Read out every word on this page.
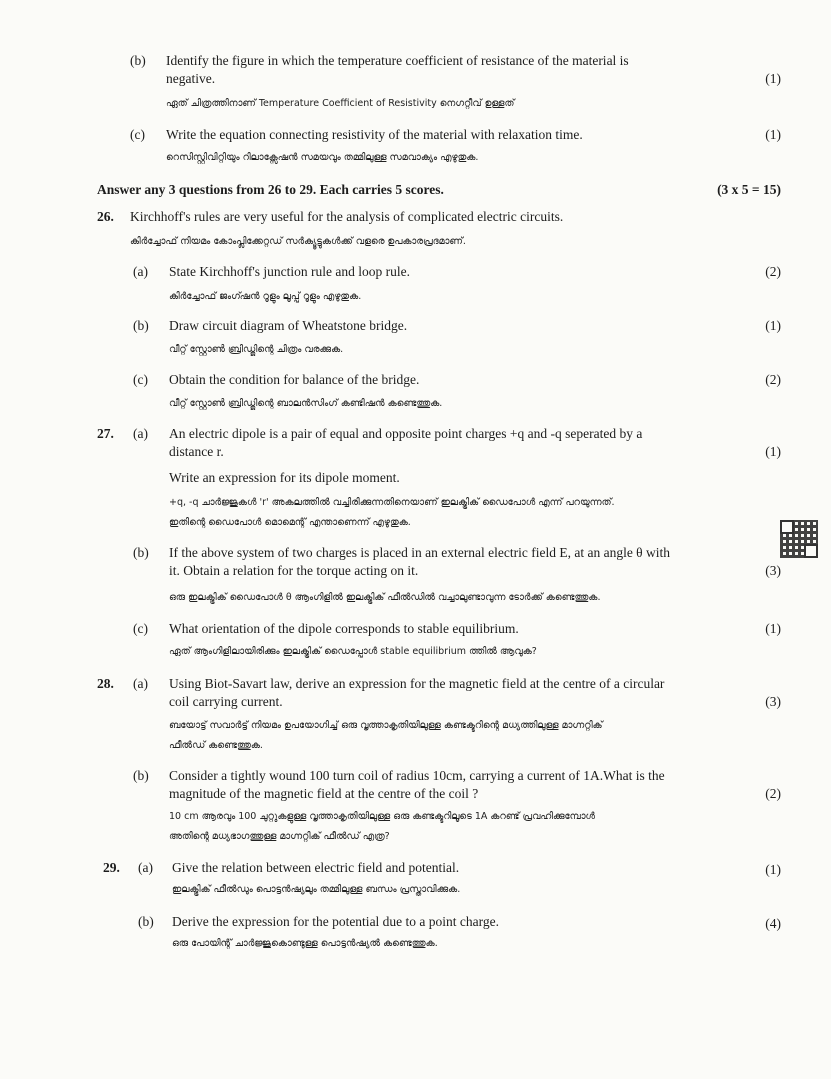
(b) Identify the figure in which the temperature coefficient of resistance of the material is
negative.	(1)
ഏത് ചിത്രത്തിനാണ് Temperature Coefficient of Resistivity നെഗറ്റീവ് ഉള്ളത്
(c) Write the equation connecting resistivity of the material with relaxation time.	(1)
റെസിസ്റ്റിവിറ്റിയും റിലാക്സേഷൻ സമയവും തമ്മിലുള്ള സമവാക്യം എഴുതുക.
Answer any 3 questions from 26 to 29. Each carries 5 scores.	(3 x 5 = 15)
26. Kirchhoff's rules are very useful for the analysis of complicated electric circuits.
കിർച്ചോഫ് നിയമം കോംപ്ലിക്കേറ്റഡ് സർക്യൂട്ടുകൾക്ക് വളരെ ഉപകാരപ്രദമാണ്.
(a) State Kirchhoff's junction rule and loop rule.	(2)
കിർച്ചോഫ് ജംഗ്ഷൻ റൂളും ലൂപ്പ് റൂളും എഴുതുക.
(b) Draw circuit diagram of Wheatstone bridge.	(1)
വീറ്റ് സ്റ്റോൺ ബ്രിഡ്ജിന്റെ ചിത്രം വരക്കുക.
(c) Obtain the condition for balance of the bridge.	(2)
വീറ്റ് സ്റ്റോൺ ബ്രിഡ്ജിന്റെ ബാലൻസിംഗ് കണ്ടിഷൻ കണ്ടെത്തുക.
27. (a) An electric dipole is a pair of equal and opposite point charges +q and -q seperated by a
distance r.	(1)
Write an expression for its dipole moment.
+q, -q ചാർജ്ജുകൾ 'r' അകലത്തിൽ വച്ചിരിക്കുന്നതിനെയാണ് ഇലക്ട്രിക് ഡൈപോൾ എന്ന് പറയുന്നത്.
ഇതിന്റെ ഡൈപോൾ മൊമെന്റ് എന്താണെന്ന് എഴുതുക.
(b) If the above system of two charges is placed in an external electric field E, at an angle θ with
it. Obtain a relation for the torque acting on it.	(3)
ഒരു ഇലക്ട്രിക് ഡൈപോൾ θ ആംഗിളിൽ ഇലക്ട്രിക് ഫീൽഡിൽ വച്ചാലുണ്ടാവുന്ന ടോർക്ക് കണ്ടെത്തുക.
(c) What orientation of the dipole corresponds to stable equilibrium.	(1)
ഏത് ആംഗിളിലായിരിക്കും ഇലക്ട്രിക് ഡൈപ്പോൾ stable equilibrium ത്തിൽ ആവുക?
28. (a) Using Biot-Savart law, derive an expression for the magnetic field at the centre of a circular
coil carrying current.	(3)
ബയോട്ട് സവാർട്ട് നിയമം ഉപയോഗിച്ച് ഒരു വൃത്താകൃതിയിലുള്ള കണ്ടക്ടറിന്റെ മധ്യത്തിലുള്ള മാഗ്നറ്റിക്
ഫീൽഡ് കണ്ടെത്തുക.
(b) Consider a tightly wound 100 turn coil of radius 10cm, carrying a current of 1A.What is the
magnitude of the magnetic field at the centre of the coil ?	(2)
10 cm ആരവും 100 ചുറ്റുകളുള്ള വൃത്താകൃതിയിലുള്ള ഒരു കണ്ടക്ടറിലൂടെ 1A കറണ്ട് പ്രവഹിക്കുമ്പോൾ
അതിന്റെ മധ്യഭാഗത്തുള്ള മാഗ്നറ്റിക് ഫീൽഡ് എത്ര?
29. (a) Give the relation between electric field and potential.	(1)
ഇലക്ട്രിക് ഫീൽഡും പൊട്ടൻഷ്യലും തമ്മിലുള്ള ബന്ധം പ്രസ്താവിക്കുക.
(b) Derive the expression for the potential due to a point charge.	(4)
ഒരു പോയിന്റ് ചാർജ്ജുകൊണ്ടുള്ള പൊട്ടൻഷ്യൽ കണ്ടെത്തുക.
